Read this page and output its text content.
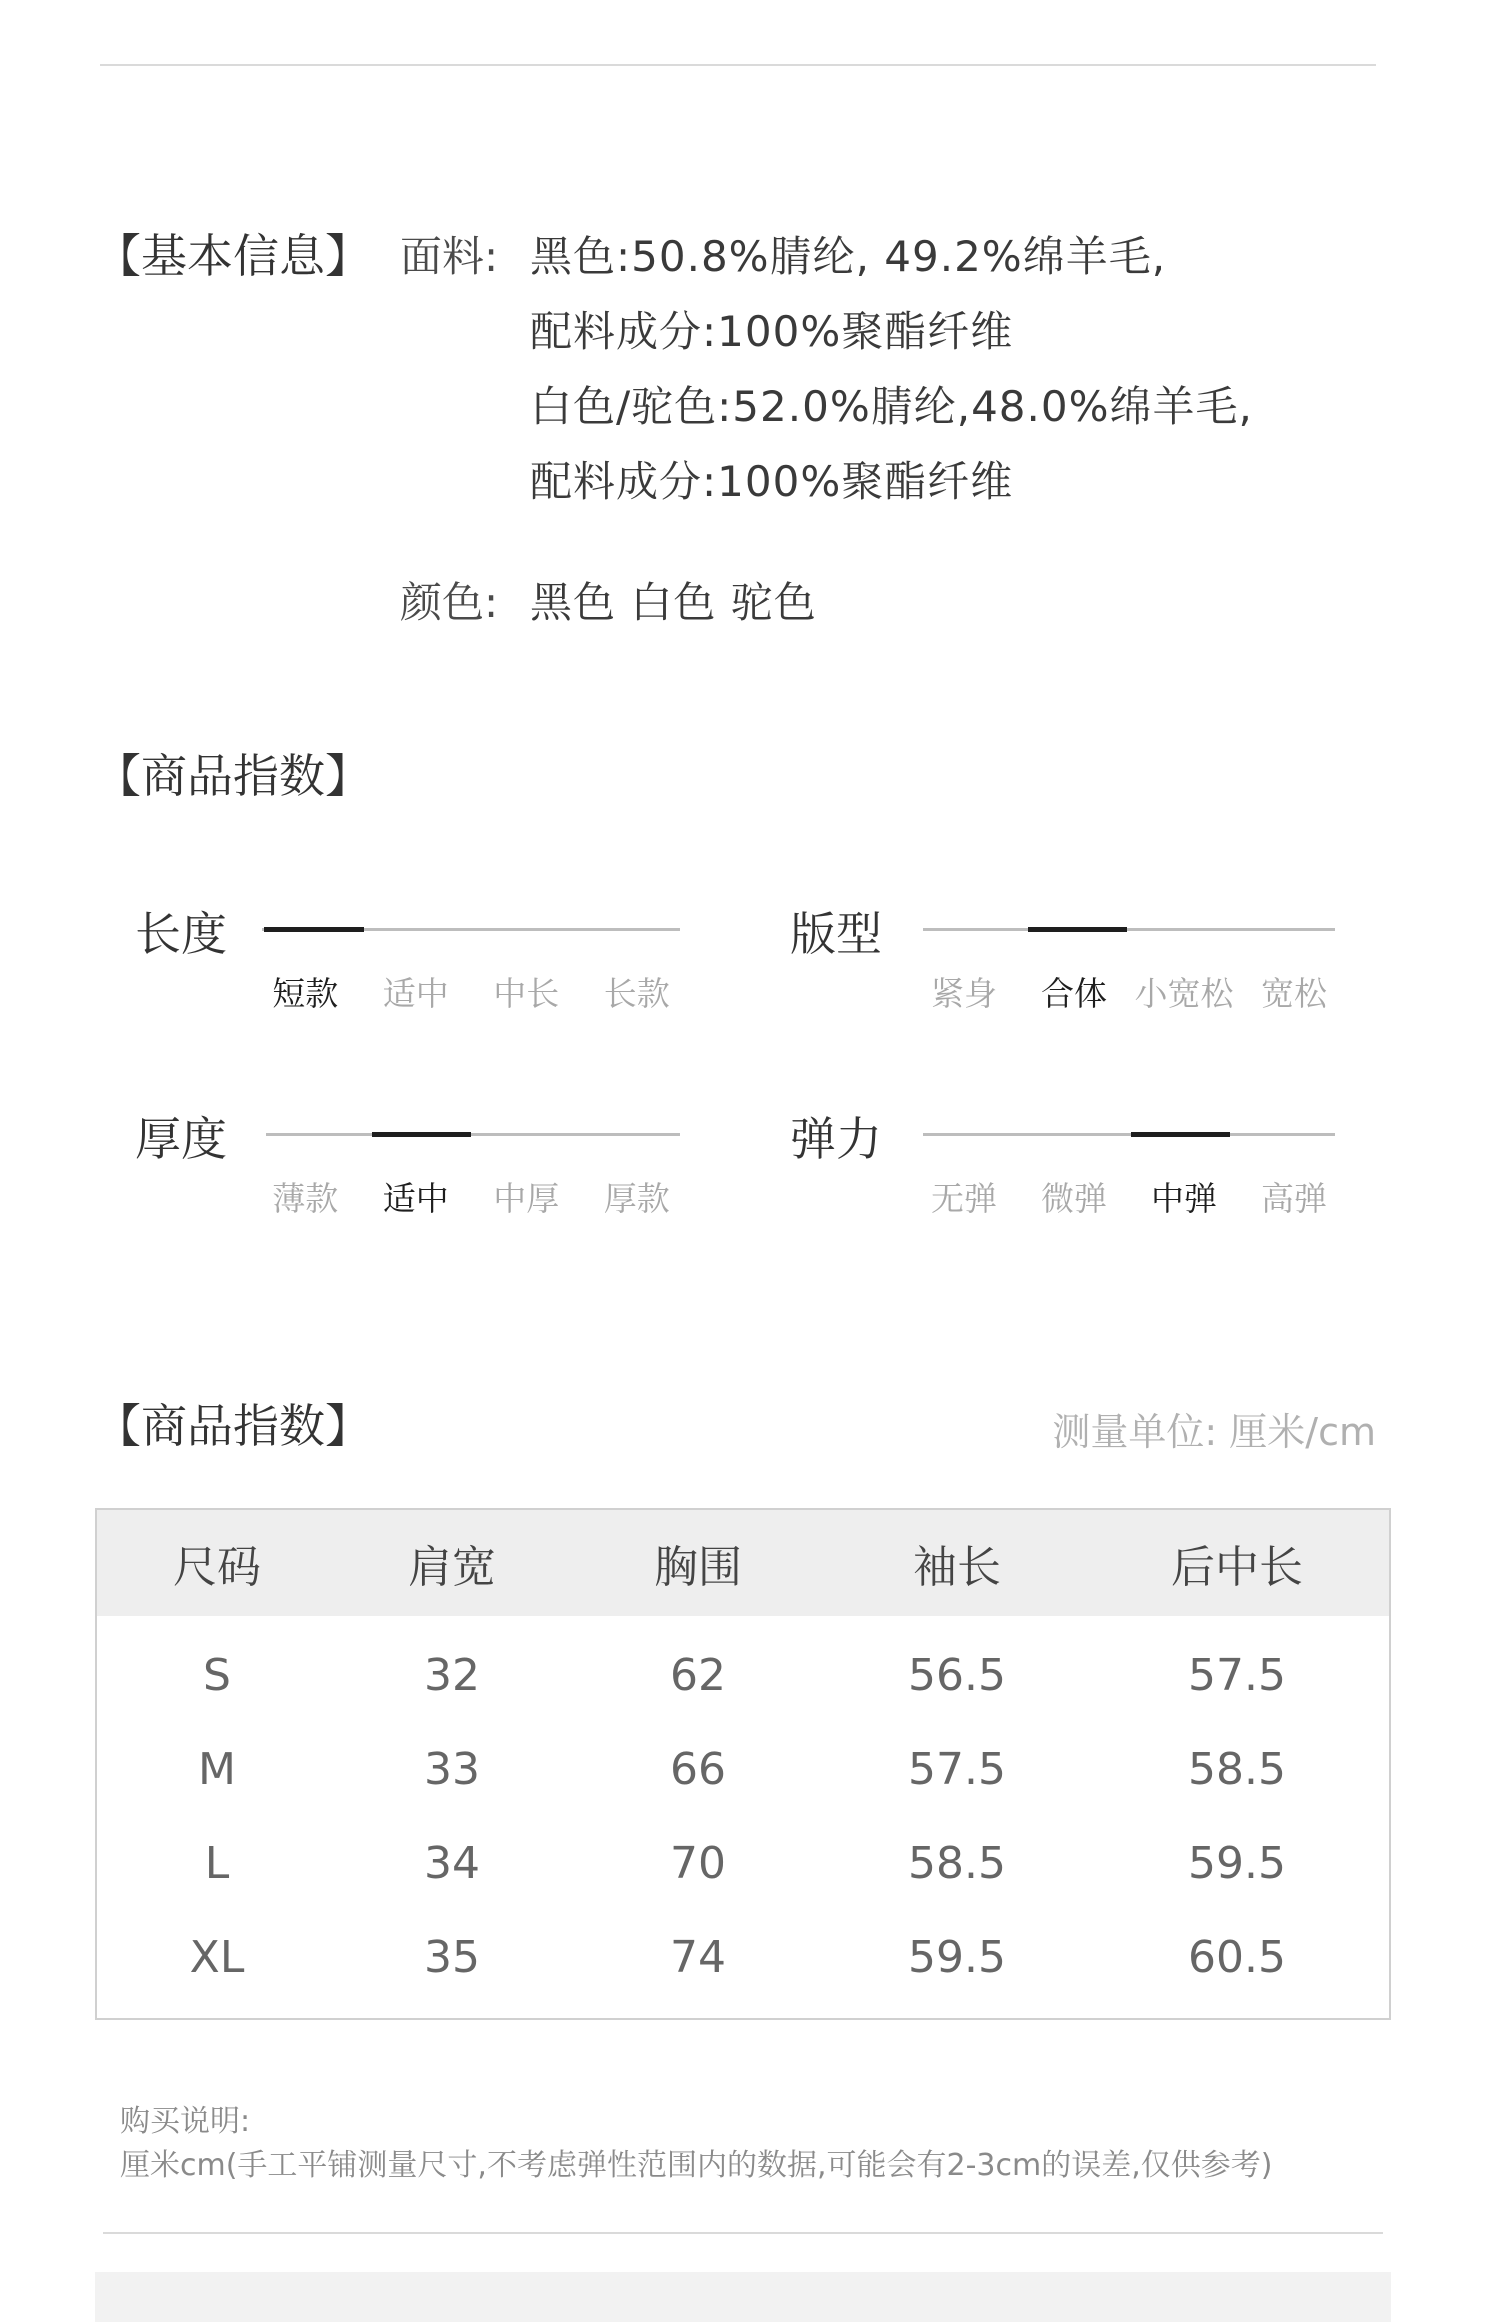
【基本信息】 面料: 黑色:50.8%腈纶, 49.2%绵羊毛,
配料成分:100%聚酯纤维
白色/驼色:52.0%腈纶,48.0%绵羊毛,
配料成分:100%聚酯纤维
颜色: 黑色 白色 驼色
【商品指数】
长度
短款	适中	中长	长款
版型
紧身	合体 小宽松 宽松
厚度
薄款	适中	中厚	厚款
弹力
无弹	微弹	中弹	高弹
【商品指数】	测量单位: 厘米/cm
尺码	肩宽	胸围	袖长	后中长
S	32	62	56.5	57.5
M	33	66	57.5	58.5
L	34	70	58.5	59.5
XL	35	74	59.5	60.5
购买说明:
厘米cm(手工平铺测量尺寸,不考虑弹性范围内的数据,可能会有2-3cm的误差,仅供参考)
